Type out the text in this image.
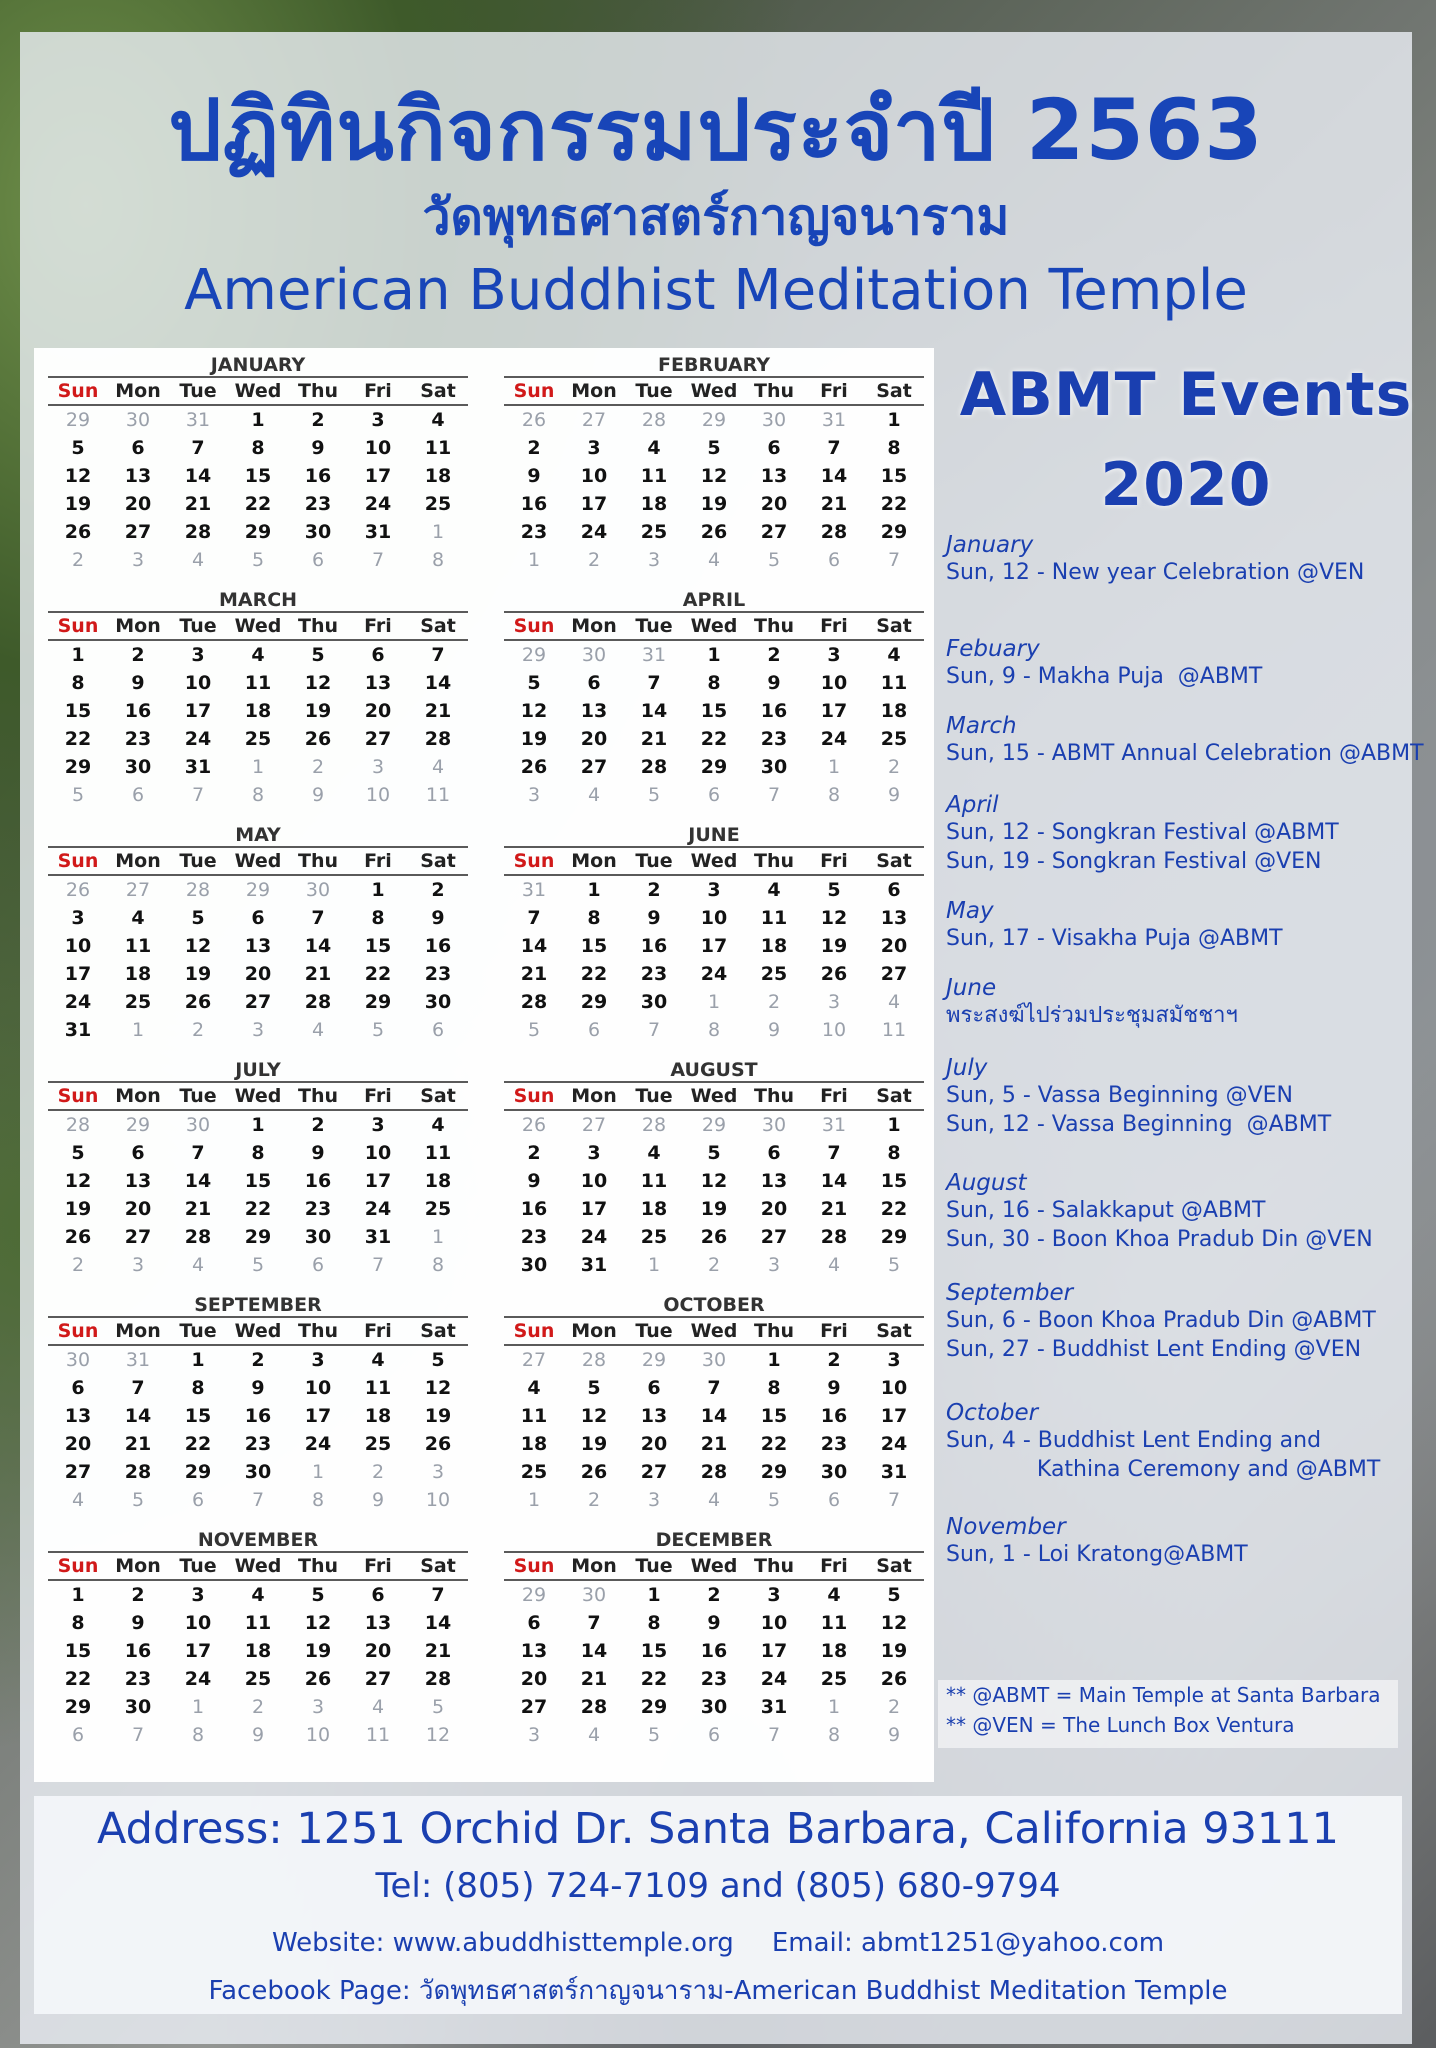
ปฏิทินกิจกรรมประจำปี 2563
วัดพุทธศาสตร์กาญจนาราม
American Buddhist Meditation Temple
JANUARY
Sun	Mon	Tue	Wed	Thu	Fri	Sat
29	30	31	1	2	3	4
5	6	7	8	9	10	11
12	13	14	15	16	17	18
19	20	21	22	23	24	25
26	27	28	29	30	31	1
2	3	4	5	6	7	8
FEBRUARY
Sun	Mon	Tue	Wed	Thu	Fri	Sat
26	27	28	29	30	31	1
2	3	4	5	6	7	8
9	10	11	12	13	14	15
16	17	18	19	20	21	22
23	24	25	26	27	28	29
1	2	3	4	5	6	7
MARCH
Sun	Mon	Tue	Wed	Thu	Fri	Sat
1	2	3	4	5	6	7
8	9	10	11	12	13	14
15	16	17	18	19	20	21
22	23	24	25	26	27	28
29	30	31	1	2	3	4
5	6	7	8	9	10	11
APRIL
Sun	Mon	Tue	Wed	Thu	Fri	Sat
29	30	31	1	2	3	4
5	6	7	8	9	10	11
12	13	14	15	16	17	18
19	20	21	22	23	24	25
26	27	28	29	30	1	2
3	4	5	6	7	8	9
MAY
Sun	Mon	Tue	Wed	Thu	Fri	Sat
26	27	28	29	30	1	2
3	4	5	6	7	8	9
10	11	12	13	14	15	16
17	18	19	20	21	22	23
24	25	26	27	28	29	30
31	1	2	3	4	5	6
JUNE
Sun	Mon	Tue	Wed	Thu	Fri	Sat
31	1	2	3	4	5	6
7	8	9	10	11	12	13
14	15	16	17	18	19	20
21	22	23	24	25	26	27
28	29	30	1	2	3	4
5	6	7	8	9	10	11
JULY
Sun	Mon	Tue	Wed	Thu	Fri	Sat
28	29	30	1	2	3	4
5	6	7	8	9	10	11
12	13	14	15	16	17	18
19	20	21	22	23	24	25
26	27	28	29	30	31	1
2	3	4	5	6	7	8
AUGUST
Sun	Mon	Tue	Wed	Thu	Fri	Sat
26	27	28	29	30	31	1
2	3	4	5	6	7	8
9	10	11	12	13	14	15
16	17	18	19	20	21	22
23	24	25	26	27	28	29
30	31	1	2	3	4	5
SEPTEMBER
Sun	Mon	Tue	Wed	Thu	Fri	Sat
30	31	1	2	3	4	5
6	7	8	9	10	11	12
13	14	15	16	17	18	19
20	21	22	23	24	25	26
27	28	29	30	1	2	3
4	5	6	7	8	9	10
OCTOBER
Sun	Mon	Tue	Wed	Thu	Fri	Sat
27	28	29	30	1	2	3
4	5	6	7	8	9	10
11	12	13	14	15	16	17
18	19	20	21	22	23	24
25	26	27	28	29	30	31
1	2	3	4	5	6	7
NOVEMBER
Sun	Mon	Tue	Wed	Thu	Fri	Sat
1	2	3	4	5	6	7
8	9	10	11	12	13	14
15	16	17	18	19	20	21
22	23	24	25	26	27	28
29	30	1	2	3	4	5
6	7	8	9	10	11	12
DECEMBER
Sun	Mon	Tue	Wed	Thu	Fri	Sat
29	30	1	2	3	4	5
6	7	8	9	10	11	12
13	14	15	16	17	18	19
20	21	22	23	24	25	26
27	28	29	30	31	1	2
3	4	5	6	7	8	9
ABMT Events
2020
January
Sun, 12 - New year Celebration @VEN
Febuary
Sun, 9 - Makha Puja  @ABMT
March
Sun, 15 - ABMT Annual Celebration @ABMT
April
Sun, 12 - Songkran Festival @ABMT
Sun, 19 - Songkran Festival @VEN
May
Sun, 17 - Visakha Puja @ABMT
June
พระสงฆ์ไปร่วมประชุมสมัชชาฯ
July
Sun, 5 - Vassa Beginning @VEN
Sun, 12 - Vassa Beginning  @ABMT
August
Sun, 16 - Salakkaput @ABMT
Sun, 30 - Boon Khoa Pradub Din @VEN
September
Sun, 6 - Boon Khoa Pradub Din @ABMT
Sun, 27 - Buddhist Lent Ending @VEN
October
Sun, 4 - Buddhist Lent Ending and
Kathina Ceremony and @ABMT
November
Sun, 1 - Loi Kratong@ABMT
** @ABMT = Main Temple at Santa Barbara
** @VEN = The Lunch Box Ventura
Address: 1251 Orchid Dr. Santa Barbara, California 93111
Tel: (805) 724-7109 and (805) 680-9794
Website: www.abuddhisttemple.org Email: abmt1251@yahoo.com
Facebook Page: วัดพุทธศาสตร์กาญจนาราม-American Buddhist Meditation Temple
